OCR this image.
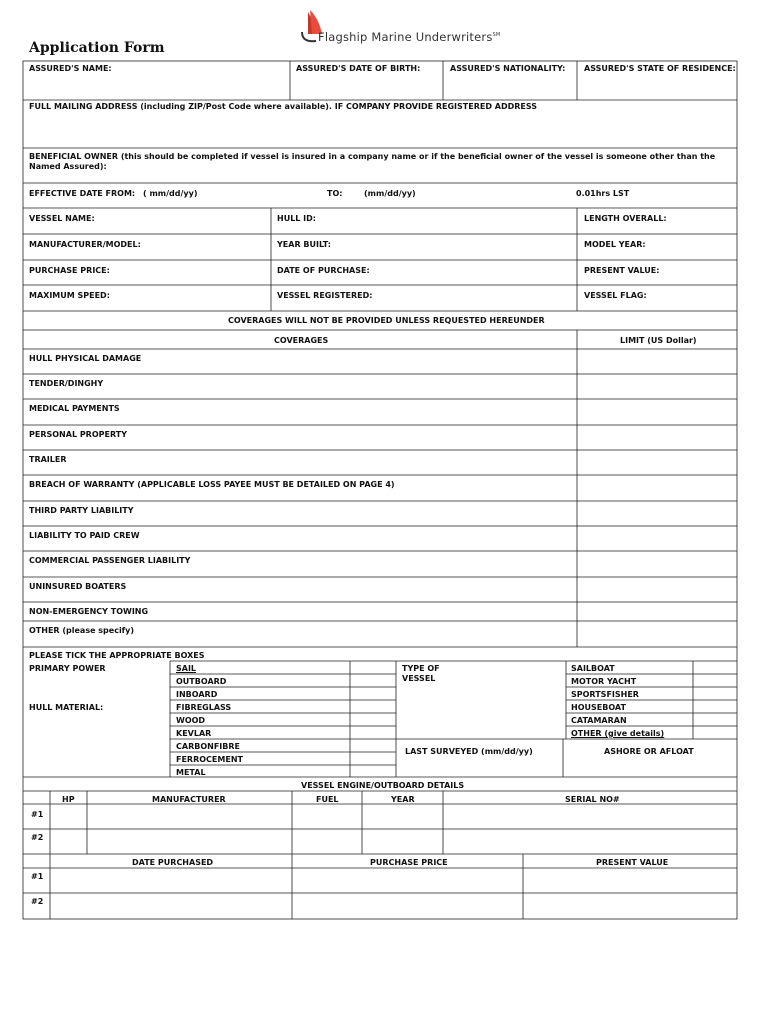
Flagship Marine Underwriters℠
Application Form
ASSURED'S NAME:	ASSURED'S DATE OF BIRTH:	ASSURED'S NATIONALITY: ASSURED'S STATE OF RESIDENCE:
FULL MAILING ADDRESS (including ZIP/Post Code where available). IF COMPANY PROVIDE REGISTERED ADDRESS
BENEFICIAL OWNER (this should be completed if vessel is insured in a company name or if the beneficial owner of the vessel is someone other than the Named Assured):
EFFECTIVE DATE FROM: ( mm/dd/yy)	TO:	(mm/dd/yy)	0.01hrs LST
VESSEL NAME:	HULL ID:	LENGTH OVERALL:
MANUFACTURER/MODEL:	YEAR BUILT:	MODEL YEAR:
PURCHASE PRICE:	DATE OF PURCHASE:	PRESENT VALUE:
MAXIMUM SPEED:	VESSEL REGISTERED:	VESSEL FLAG:
COVERAGES WILL NOT BE PROVIDED UNLESS REQUESTED HEREUNDER
COVERAGES	LIMIT (US Dollar)
HULL PHYSICAL DAMAGE
TENDER/DINGHY
MEDICAL PAYMENTS
PERSONAL PROPERTY
TRAILER
BREACH OF WARRANTY (APPLICABLE LOSS PAYEE MUST BE DETAILED ON PAGE 4)
THIRD PARTY LIABILITY
LIABILITY TO PAID CREW
COMMERCIAL PASSENGER LIABILITY
UNINSURED BOATERS
NON-EMERGENCY TOWING
OTHER (please specify)
PLEASE TICK THE APPROPRIATE BOXES
PRIMARY POWER	SAIL
OUTBOARD
INBOARD
HULL MATERIAL:	FIBREGLASS
WOOD
KEVLAR
CARBONFIBRE
FERROCEMENT
METAL
TYPE OF VESSEL
SAILBOAT
MOTOR YACHT
SPORTSFISHER
HOUSEBOAT
CATAMARAN
OTHER (give details)
LAST SURVEYED (mm/dd/yy)	ASHORE OR AFLOAT
VESSEL ENGINE/OUTBOARD DETAILS
HP	MANUFACTURER	FUEL	YEAR	SERIAL NO#
#1
#2
DATE PURCHASED	PURCHASE PRICE	PRESENT VALUE
#1
#2
